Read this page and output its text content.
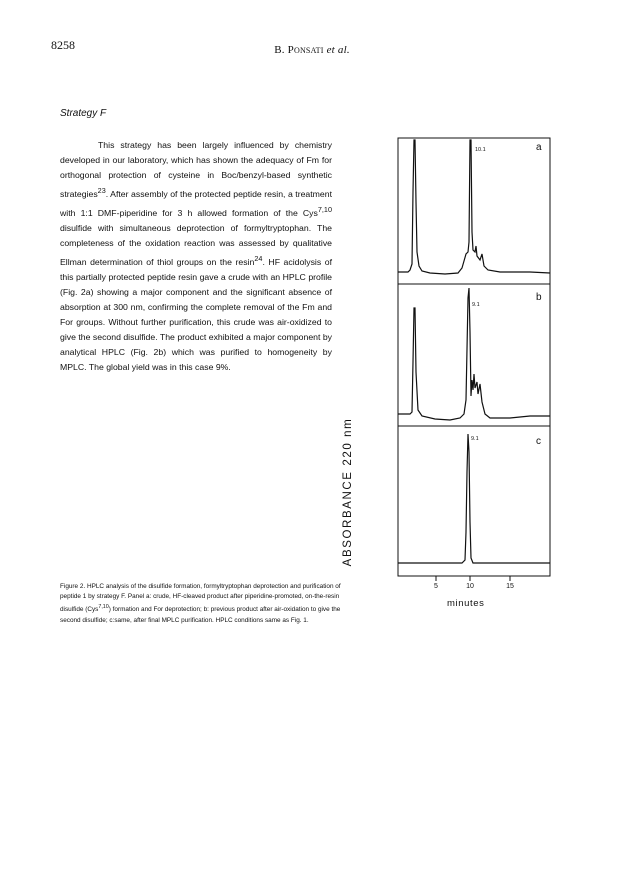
8258	B. Ponsati et al.
Strategy F

This strategy has been largely influenced by chemistry developed in our laboratory, which has shown the adequacy of Fm for orthogonal protection of cysteine in Boc/benzyl-based synthetic strategies$^{23}$. After assembly of the protected peptide resin, a treatment with 1:1 DMF-piperidine for 3 h allowed formation of the Cys$^{7,10}$ disulfide with simultaneous deprotection of formyltryptophan. The completeness of the oxidation reaction was assessed by qualitative Ellman determination of thiol groups on the resin$^{24}$. HF acidolysis of this partially protected peptide resin gave a crude with an HPLC profile (Fig. 2a) showing a major component and the significant absence of absorption at 300 nm, confirming the complete removal of the Fm and For groups. Without further purification, this crude was air-oxidized to give the second disulfide. The product exhibited a major component by analytical HPLC (Fig. 2b) which was purified to homogeneity by MPLC. The global yield was in this case 9%.

Figure 2. HPLC analysis of the disulfide formation, formyltryptophan deprotection and purification of peptide 1 by strategy F. Panel a: crude, HF-cleaved product after piperidine-promoted, on-the-resin disulfide (Cys$^{7,10}$) formation and For deprotection; b: previous product after air-oxidation to give the second disulfide; c:same, after final MPLC purification. HPLC conditions same as Fig. 1.

ABSORBANCE 220 nm
a
b
c
10.1
9.1
9.1
5	10	15
minutes
